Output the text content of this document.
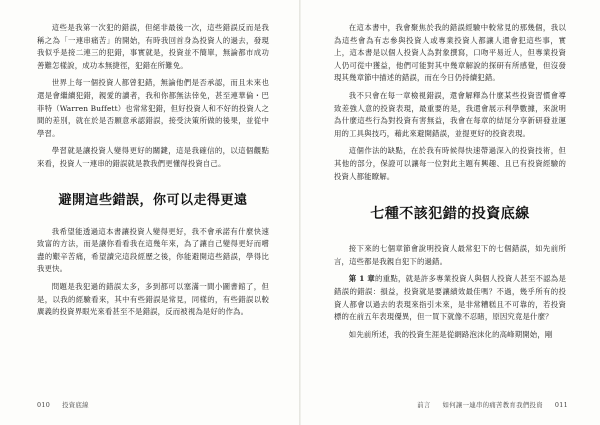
這些是我第一次犯的錯誤，但絕非最後一次，這些錯誤反而是我稱之為「一連串痛苦」的開始，有時我回首身為投資人的過去，發現我似乎是接二連三的犯錯，事實就是，投資並不簡單，無論都市成功善難怎樣說，成功本無捷徑，犯錯在所難免。

世界上每一個投資人都曾犯錯，無論他們是否承認，而且未來也還是會繼續犯錯，親愛的讀者，我和你都無法倖免，甚至連華倫・巴菲特（Warren Buffett）也常常犯錯，但好投資人和不好的投資人之間的差別，就在於是否願意承認錯誤，接受決策所做的後果，並從中學習。

學習就是讓投資人變得更好的關鍵，這是我確信的，以這個觀點來看，投資人一連串的錯誤就是教我們更懂得投資自己。

避開這些錯誤，你可以走得更遠

我希望能透過這本書讓投資人變得更好，我不會承諾有什麼快速致富的方法，而是讓你看看我在這幾年來，為了讓自己變得更好而嚐盡的艱辛苦痛，希望讀完這段經歷之後，你能避開這些錯誤，學得比我更快。

問題是我犯過的錯誤太多，多到都可以塞滿一間小圖書館了，但是，以我的經驗看來，其中有些錯誤是常見，同樣的，有些錯誤以較廣義的投資界眼光來看甚至不是錯誤，反而被視為是好的作為。

在這本書中，我會聚焦於我的錯誤經驗中較常見的那幾個，我以為這些會為有志參與投資人或專業投資人都讓人還會犯這些事，實上，這本書是以個人投資人為對象撰寫，口吻平易近人，但專業投資人仍可從中獲益，他們可能對其中幾章解說的探研有所感覺，但沒發現其幾章節中描述的錯誤，而在今日仍持續犯錯。

我不只會在每一章檢視錯誤，還會解釋為什麼某些投資習慣會導致差強人意的投資表現，最重要的是，我還會展示利學數據，來說明為什麼這些行為對投資有害無益，我會在每章的結尾分享新研發並運用的工具與技巧，藉此來避開錯誤，並提更好的投資表現。

這個作法的缺點，在於我有時候得快速帶過深入的投資技術，但其他的部分，保證可以讓每一位對此主題有興趣、且已有投資經驗的投資人都能瞭解。

七種不該犯錯的投資底線

接下來的七個章節會說明投資人最常犯下的七個錯誤，如先前所言，這些都是我親自犯下的過錯。

第 1 章的重點，就是許多專業投資人與個人投資人甚至不認為是錯誤的錯誤：損益，投資就是要讓績效最佳嗎？不過，幾乎所有的投資人都會以過去的表現來指引未來，是非常糟糕且不可靠的，若投資標的在前五年表現優異，但一買下就像不忍睹，原因究竟是什麼？

如先前所述，我的投資生涯是從網路泡沫化的高峰期開始，剛

010 投資底線	前言 如何讓一連串的痛苦教育我們投資 011
